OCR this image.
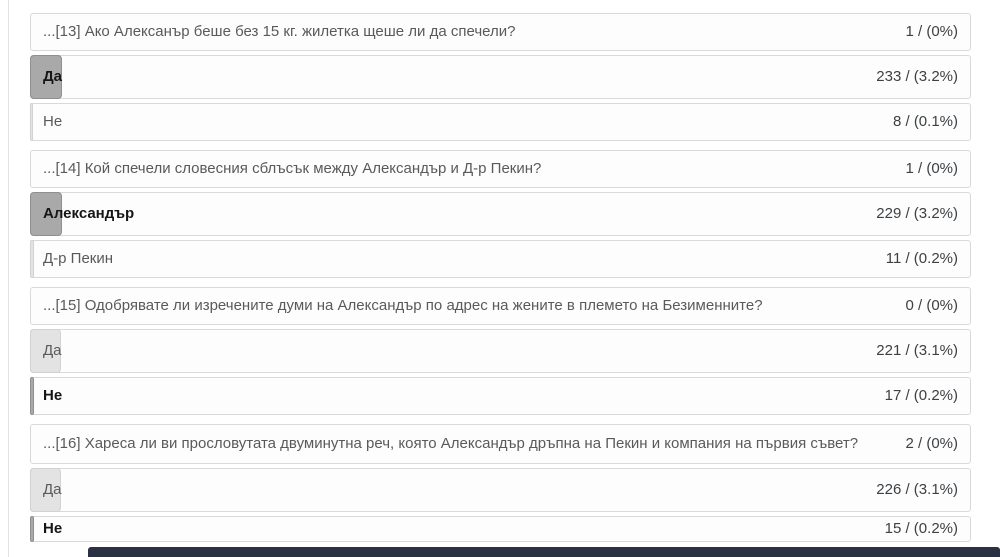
...[13] Ако Алексанър беше без 15 кг. жилетка щеше ли да спечели?	1 / (0%)
Да	233 / (3.2%)
Не	8 / (0.1%)
...[14] Кой спечели словесния сблъсък между Александър и Д-р Пекин?	1 / (0%)
Александър	229 / (3.2%)
Д-р Пекин	11 / (0.2%)
...[15] Одобрявате ли изречените думи на Александър по адрес на жените в племето на Безименните?	0 / (0%)
Да	221 / (3.1%)
Не	17 / (0.2%)
...[16] Хареса ли ви прословутата двуминутна реч, която Александър дръпна на Пекин и компания на първия съвет?	2 / (0%)
Да	226 / (3.1%)
Не	15 / (0.2%)
